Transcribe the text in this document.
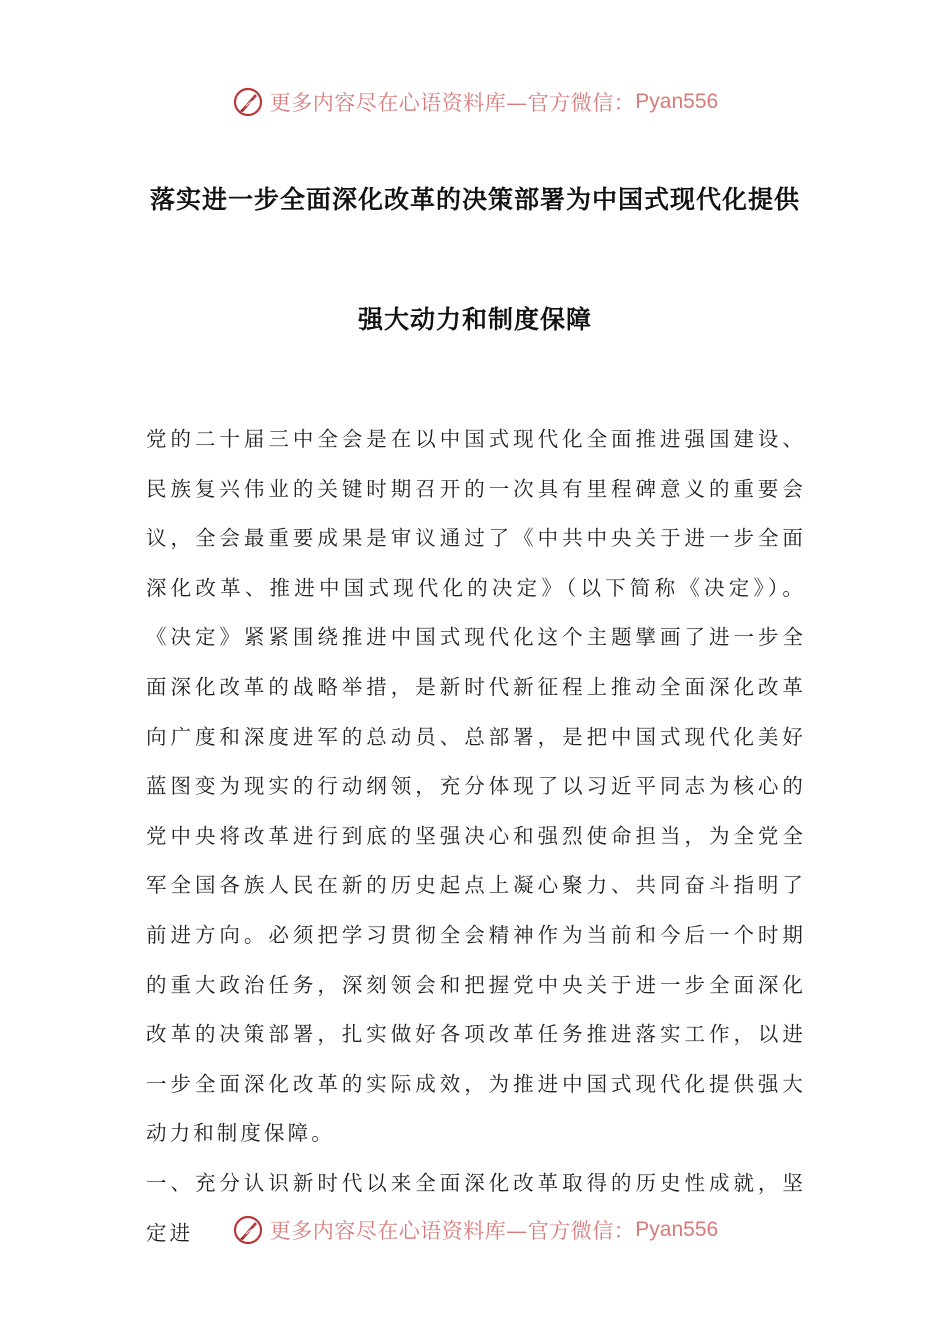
更多内容尽在心语资料库—官方微信： Pyan556
落实进一步全面深化改革的决策部署为中国式现代化提供
强大动力和制度保障

党的二十届三中全会是在以中国式现代化全面推进强国建设、民族复兴伟业的关键时期召开的一次具有里程碑意义的重要会议，全会最重要成果是审议通过了《中共中央关于进一步全面深化改革、推进中国式现代化的决定》（以下简称《决定》）。《决定》紧紧围绕推进中国式现代化这个主题擘画了进一步全面深化改革的战略举措，是新时代新征程上推动全面深化改革向广度和深度进军的总动员、总部署，是把中国式现代化美好蓝图变为现实的行动纲领，充分体现了以习近平同志为核心的党中央将改革进行到底的坚强决心和强烈使命担当，为全党全军全国各族人民在新的历史起点上凝心聚力、共同奋斗指明了前进方向。必须把学习贯彻全会精神作为当前和今后一个时期的重大政治任务，深刻领会和把握党中央关于进一步全面深化改革的决策部署，扎实做好各项改革任务推进落实工作，以进一步全面深化改革的实际成效，为推进中国式现代化提供强大动力和制度保障。

一、充分认识新时代以来全面深化改革取得的历史性成就，坚定进	更多内容尽在心语资料库—官方微信： Pyan556
